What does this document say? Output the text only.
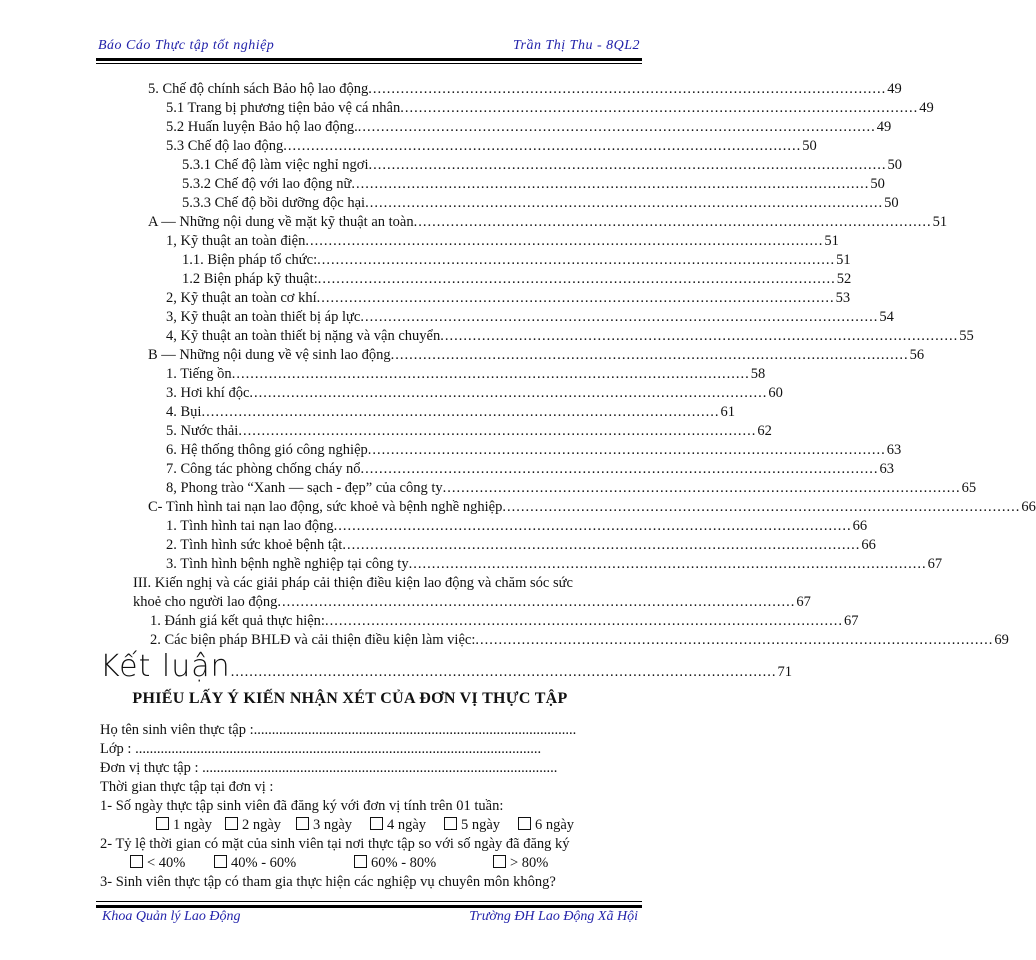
Báo Cáo Thực tập tốt nghiệp	Trần Thị Thu - 8QL2
5. Chế độ chính sách Bảo hộ lao động ................................................................................................................ 49
5.1 Trang bị phương tiện bảo vệ cá nhân ................................................................................................................ 49
5.2 Huấn luyện Bảo hộ lao động. ................................................................................................................ 49
5.3 Chế độ lao động ................................................................................................................ 50
5.3.1 Chế độ làm việc nghỉ ngơi ................................................................................................................ 50
5.3.2 Chế độ với lao động nữ ................................................................................................................ 50
5.3.3 Chế độ bồi dưỡng độc hại ................................................................................................................ 50
A — Những nội dung về mặt kỹ thuật an toàn ................................................................................................................ 51
1, Kỹ thuật an toàn điện ................................................................................................................ 51
1.1. Biện pháp tổ chức: ................................................................................................................ 51
1.2 Biện pháp kỹ thuật: ................................................................................................................ 52
2, Kỹ thuật an toàn cơ khí ................................................................................................................ 53
3, Kỹ thuật an toàn thiết bị áp lực ................................................................................................................ 54
4, Kỹ thuật an toàn thiết bị nặng và vận chuyển ................................................................................................................ 55
B — Những nội dung về vệ sinh lao động ................................................................................................................ 56
1. Tiếng ồn ................................................................................................................ 58
3. Hơi khí độc ................................................................................................................ 60
4. Bụi ................................................................................................................ 61
5. Nước thải ................................................................................................................ 62
6. Hệ thống thông gió công nghiệp ................................................................................................................ 63
7. Công tác phòng chống cháy nổ ................................................................................................................ 63
8, Phong trào “Xanh — sạch - đẹp” của công ty ................................................................................................................ 65
C- Tình hình tai nạn lao động, sức khoẻ và bệnh nghề nghiệp ................................................................................................................ 66
1. Tình hình tai nạn lao động ................................................................................................................ 66
2. Tình hình sức khoẻ bệnh tật ................................................................................................................ 66
3. Tình hình bệnh nghề nghiệp tại công ty ................................................................................................................ 67
III. Kiến nghị và các giải pháp cải thiện điều kiện lao động và chăm sóc sức
khoẻ cho người lao động ................................................................................................................ 67
1. Đánh giá kết quả thực hiện: ................................................................................................................ 67
2. Các biện pháp BHLĐ và cải thiện điều kiện làm việc: ................................................................................................................ 69
Kết luận ...................................................................................................................... 71
PHIẾU LẤY Ý KIẾN NHẬN XÉT CỦA ĐƠN VỊ THỰC TẬP
Họ tên sinh viên thực tập :.........................................................................................
Lớp : ................................................................................................................
Đơn vị thực tập : ..................................................................................................
Thời gian thực tập tại đơn vị :
1- Số ngày thực tập sinh viên đã đăng ký với đơn vị tính trên 01 tuần:
1 ngày	2 ngày	3 ngày	4 ngày	5 ngày	6 ngày
2- Tỷ lệ thời gian có mặt của sinh viên tại nơi thực tập so với số ngày đã đăng ký
< 40%	40% - 60%	60% - 80%	> 80%
3- Sinh viên thực tập có tham gia thực hiện các nghiệp vụ chuyên môn không?
Khoa Quản lý Lao Động	Trường ĐH Lao Động Xã Hội
